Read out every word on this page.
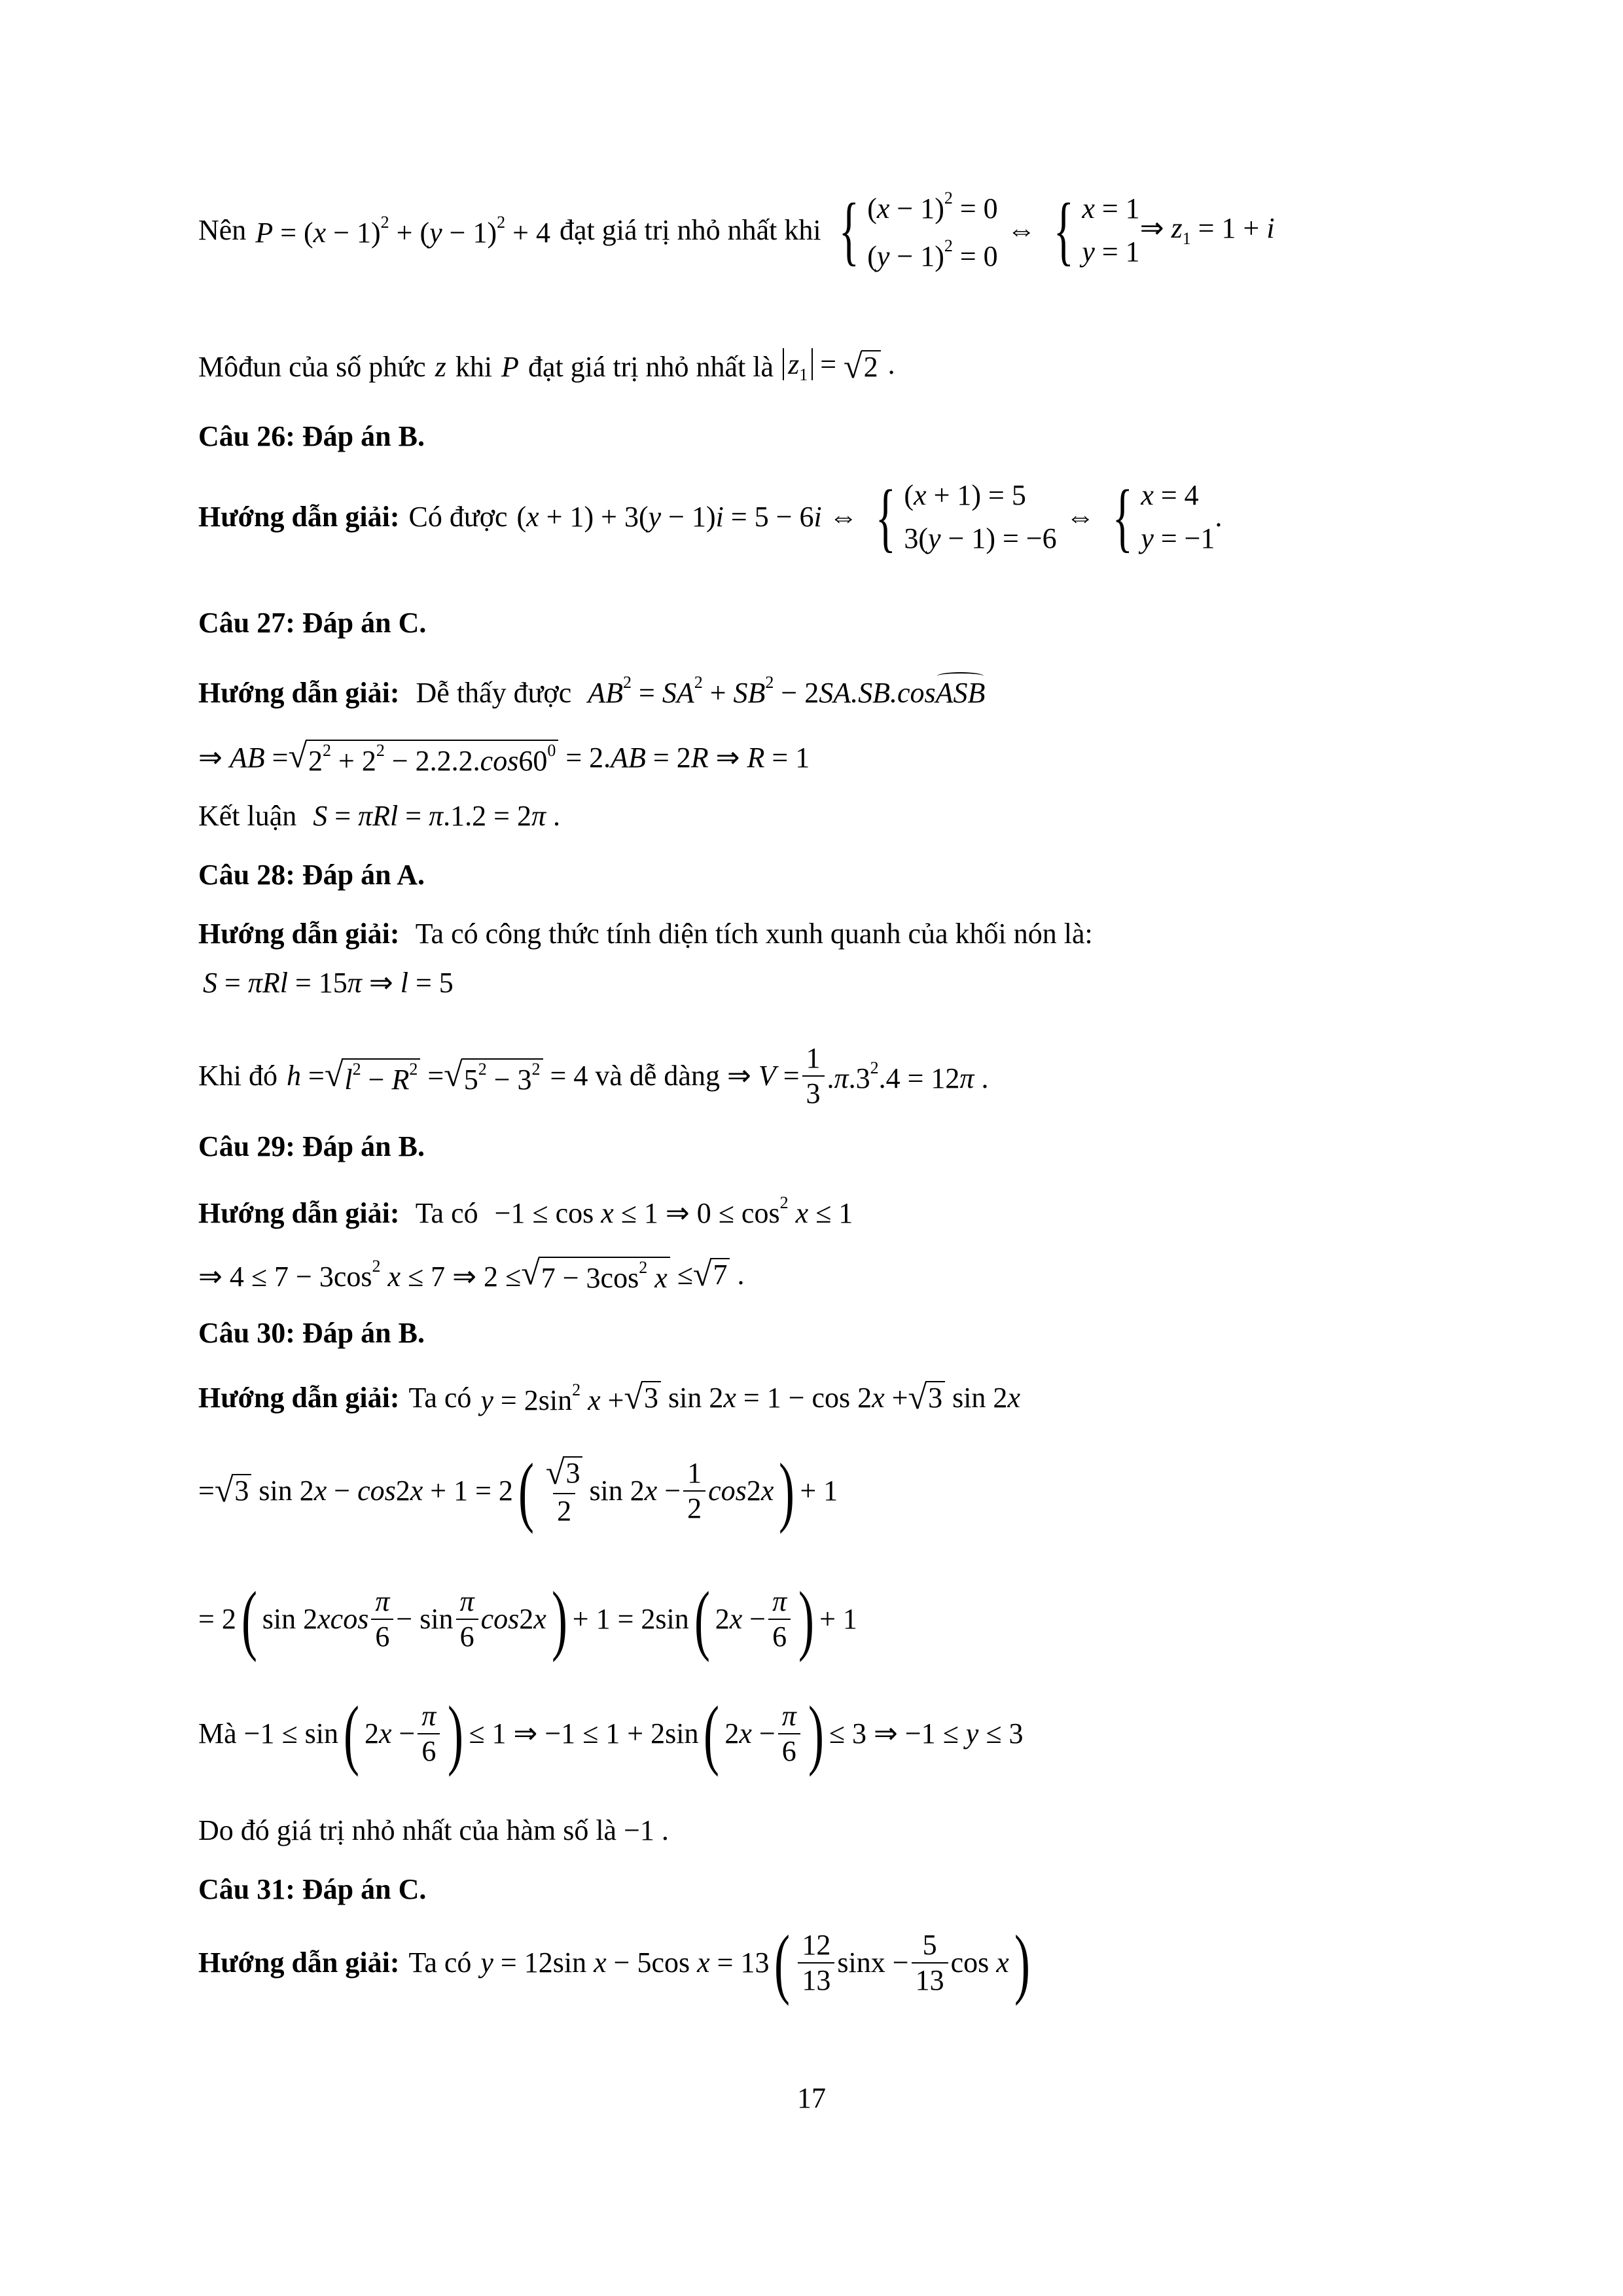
Nên $P = (x - 1)^2 + (y - 1)^2 + 4$ đạt giá trị nhỏ nhất khi { $(x - 1)^2 = 0$
$(y - 1)^2 = 0$
⇔ { x = 1
y = 1
⇒ $z_1 = 1 + i$
Môđun của số phức z khi P đạt giá trị nhỏ nhất là $z_1$ = √ 2 .
Câu 26: Đáp án B.
Hướng dẫn giải: Có được (x + 1) + 3(y − 1)i = 5 − 6i ⇔ { (x + 1) = 5
3(y − 1) = −6
⇔ { x = 4
y = −1
.
Câu 27: Đáp án C.
Hướng dẫn giải: Dễ thấy được $AB^2 = SA^2 + SB^2$ − 2SA.SB.cosASB
⇒ AB = √ $2^2 + 2^2 - 2.2.2.\cos 60^0 = 2.AB = 2R$ ⇒ R = 1
Kết luận S = πRl = π.1.2 = 2π .
Câu 28: Đáp án A.
Hướng dẫn giải: Ta có công thức tính diện tích xunh quanh của khối nón là:
S = πRl = 15π ⇒ l = 5
Khi đó h = √ $l^2 - R^2$ = √ $5^2 - 3^2 = 4$ và dễ dàng ⇒ $V = \frac{1}{3} .\pi.3^2.4 = 12\pi$ .
Câu 29: Đáp án B.
Hướng dẫn giải: Ta có −1 ≤ cos x ≤ 1 ⇒ $0 \le \cos^2 x \le 1$
⇒ $4 \le 7 - 3\cos^2$ x ≤ 7 ⇒ 2 ≤ √ $7 - 3\cos^2$ x ≤ √ 7 .
Câu 30: Đáp án B.
Hướng dẫn giải: Ta có $y = 2\sin^2$ x + √ 3 sin 2x = 1 − cos 2x + √ 3 sin 2x
= √ 3 sin 2x − cos2x + 1 = 2 ( $\frac{√ 3}{2}$ $\sin 2x - \frac{1}{2} \cos 2x$ ) + 1
= 2 ( $\sin 2xcos \frac{\pi}{6} - \sin \frac{\pi}{6} \cos 2x$ ) + 1 = 2sin ( $2x - \frac{\pi}{6}$ ) + 1
Mà −1 ≤ sin ( $2x - \frac{\pi}{6}$ ) ≤ 1 ⇒ −1 ≤ 1 + 2sin ( $2x - \frac{\pi}{6}$ ) ≤ 3 ⇒ −1 ≤ y ≤ 3
Do đó giá trị nhỏ nhất của hàm số là −1 .
Câu 31: Đáp án C.
Hướng dẫn giải: Ta có y = 12sin x − 5cos x = 13 ( $\frac{12}{13}$ $\sin x - \frac{5}{13}$ cos x )
17
